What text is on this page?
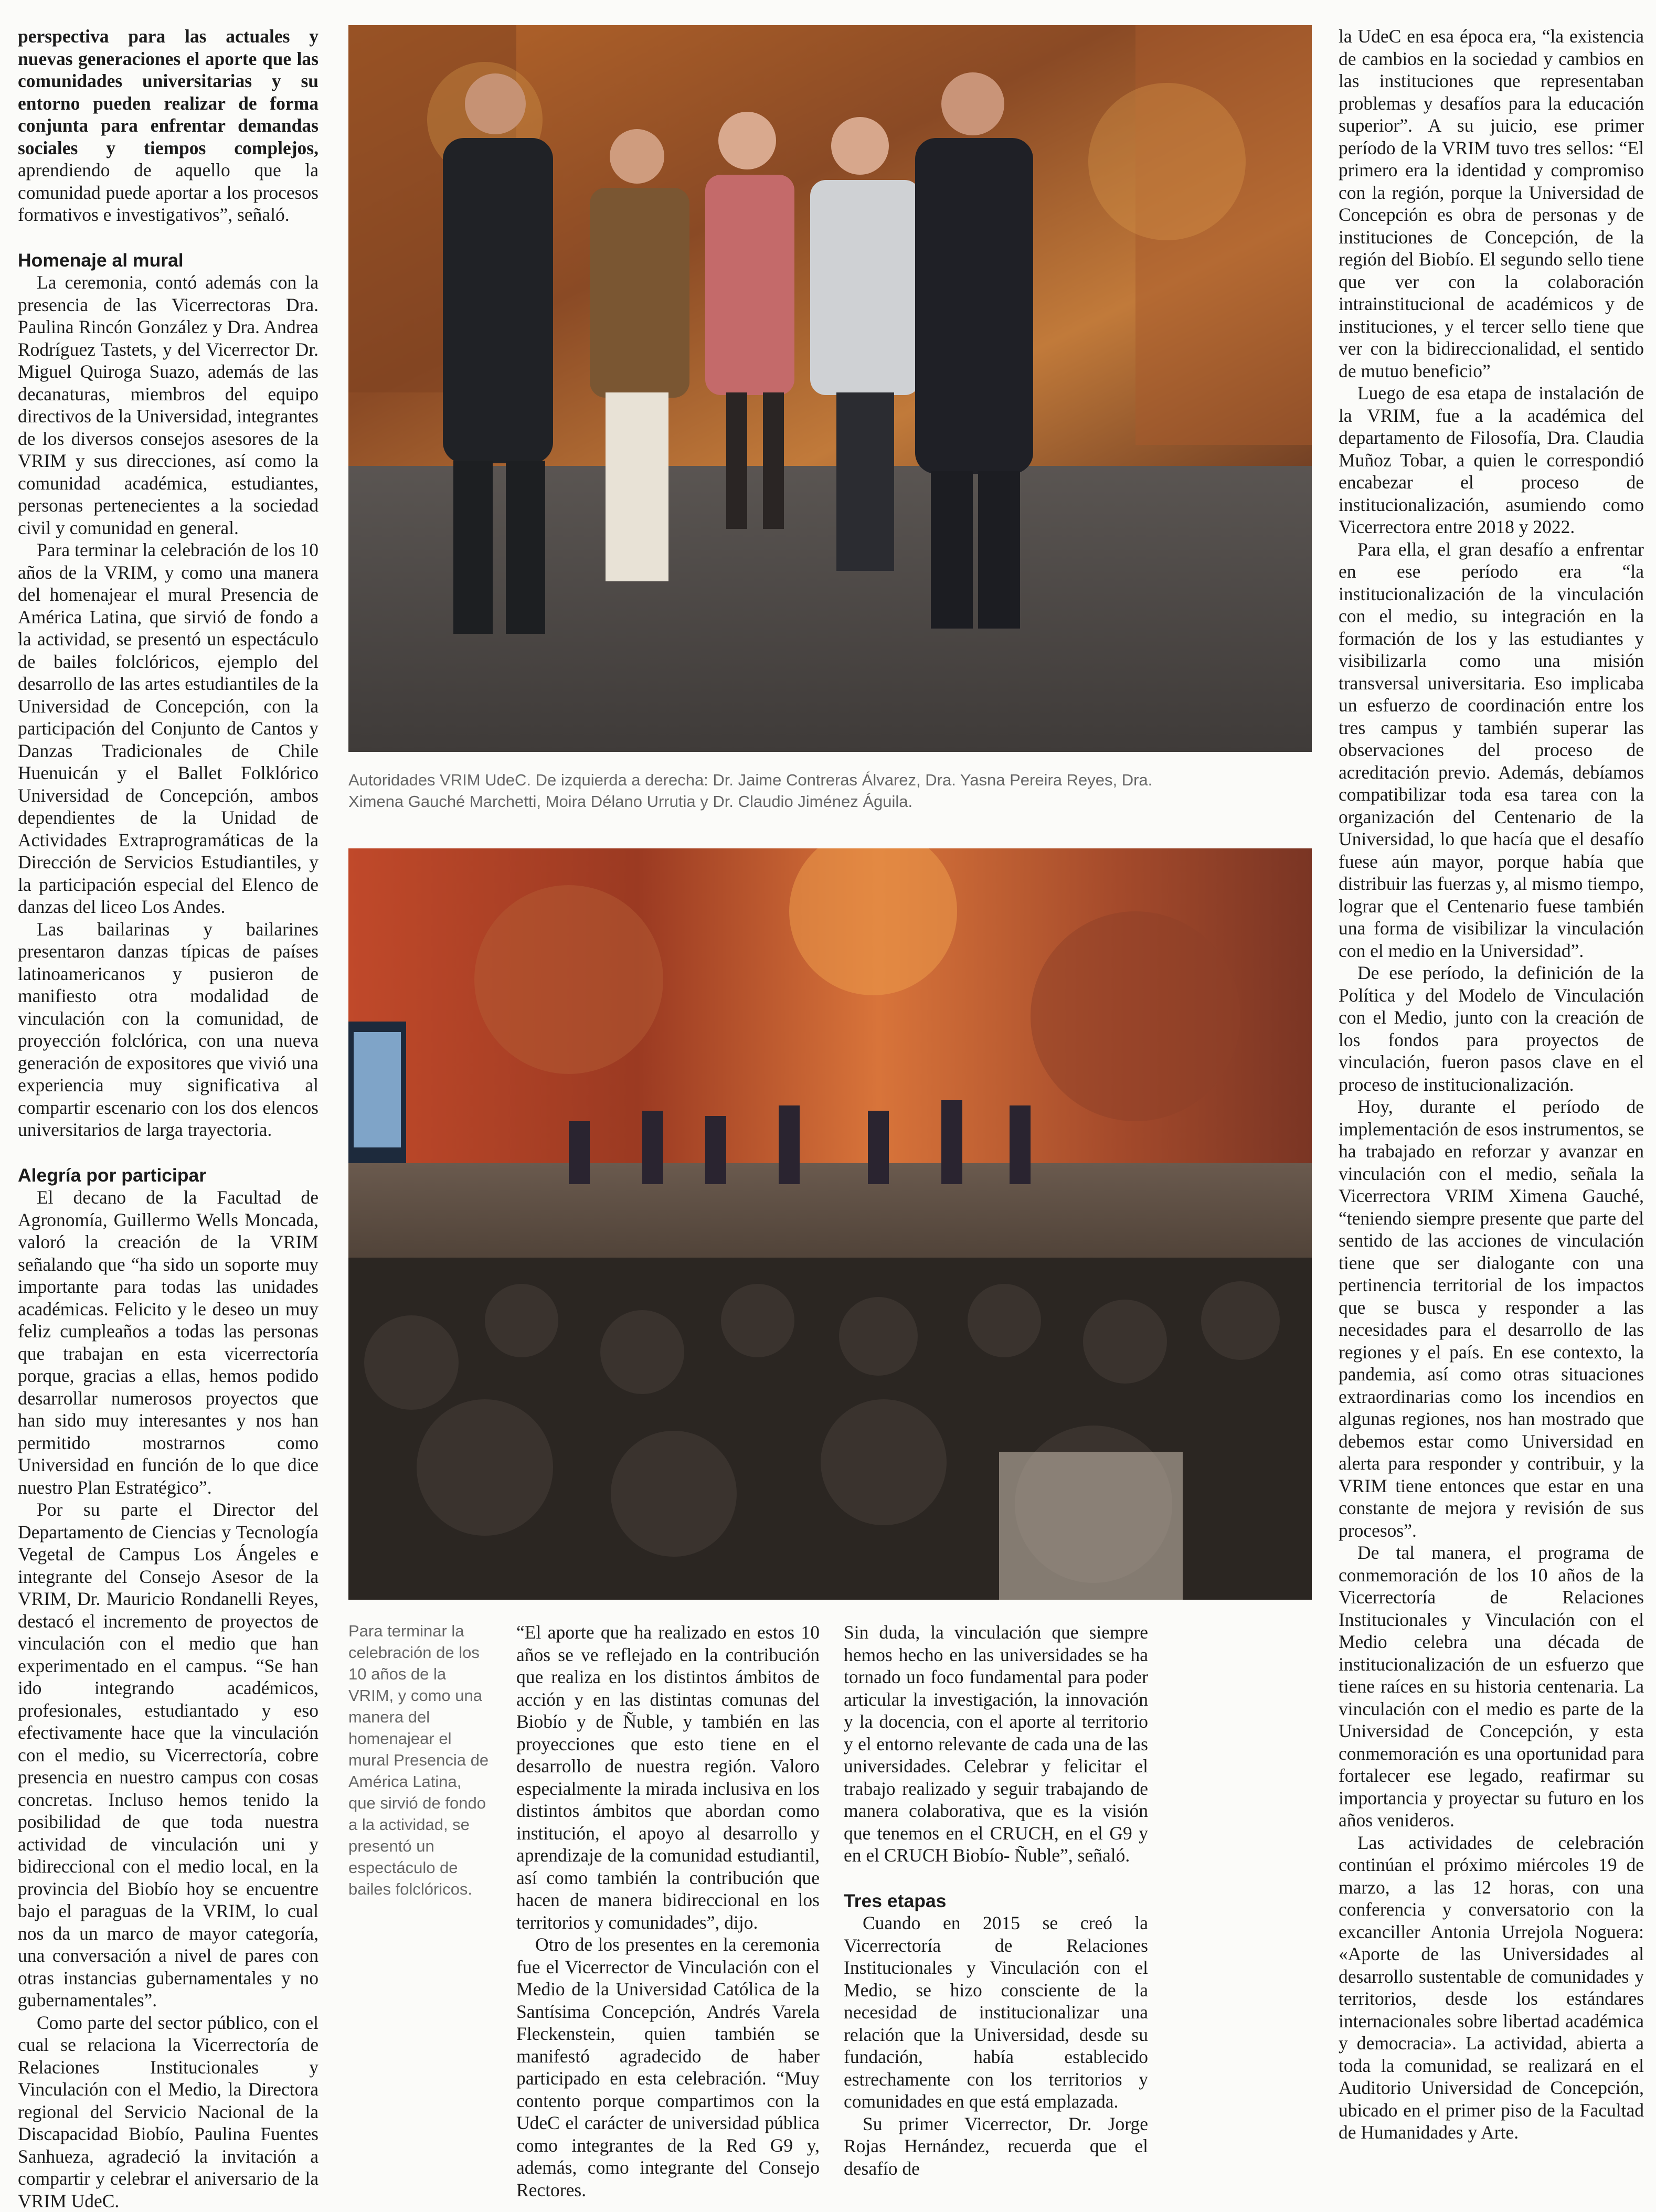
perspectiva para las actuales y nuevas generaciones el aporte que las comunidades universitarias y su entorno pueden realizar de forma conjunta para enfrentar demandas sociales y tiempos complejos, aprendiendo de aquello que la comunidad puede aportar a los procesos formativos e investigativos”, señaló.

Homenaje al mural

La ceremonia, contó además con la presencia de las Vicerrectoras Dra. Paulina Rincón González y Dra. Andrea Rodríguez Tastets, y del Vicerrector Dr. Miguel Quiroga Suazo, además de las decanaturas, miembros del equipo directivos de la Universidad, integrantes de los diversos consejos asesores de la VRIM y sus direcciones, así como la comunidad académica, estudiantes, personas pertenecientes a la sociedad civil y comunidad en general.

Para terminar la celebración de los 10 años de la VRIM, y como una manera del homenajear el mural Presencia de América Latina, que sirvió de fondo a la actividad, se presentó un espectáculo de bailes folclóricos, ejemplo del desarrollo de las artes estudiantiles de la Universidad de Concepción, con la participación del Conjunto de Cantos y Danzas Tradicionales de Chile Huenuicán y el Ballet Folklórico Universidad de Concepción, ambos dependientes de la Unidad de Actividades Extraprogramáticas de la Dirección de Servicios Estudiantiles, y la participación especial del Elenco de danzas del liceo Los Andes.

Las bailarinas y bailarines presentaron danzas típicas de países latinoamericanos y pusieron de manifiesto otra modalidad de vinculación con la comunidad, de proyección folclórica, con una nueva generación de expositores que vivió una experiencia muy significativa al compartir escenario con los dos elencos universitarios de larga trayectoria.

Alegría por participar

El decano de la Facultad de Agronomía, Guillermo Wells Moncada, valoró la creación de la VRIM señalando que “ha sido un soporte muy importante para todas las unidades académicas. Felicito y le deseo un muy feliz cumpleaños a todas las personas que trabajan en esta vicerrectoría porque, gracias a ellas, hemos podido desarrollar numerosos proyectos que han sido muy interesantes y nos han permitido mostrarnos como Universidad en función de lo que dice nuestro Plan Estratégico”.

Por su parte el Director del Departamento de Ciencias y Tecnología Vegetal de Campus Los Ángeles e integrante del Consejo Asesor de la VRIM, Dr. Mauricio Rondanelli Reyes, destacó el incremento de proyectos de vinculación con el medio que han experimentado en el campus. “Se han ido integrando académicos, profesionales, estudiantado y eso efectivamente hace que la vinculación con el medio, su Vicerrectoría, cobre presencia en nuestro campus con cosas concretas. Incluso hemos tenido la posibilidad de que toda nuestra actividad de vinculación uni y bidireccional con el medio local, en la provincia del Biobío hoy se encuentre bajo el paraguas de la VRIM, lo cual nos da un marco de mayor categoría, una conversación a nivel de pares con otras instancias gubernamentales y no gubernamentales”.

Como parte del sector público, con el cual se relaciona la Vicerrectoría de Relaciones Institucionales y Vinculación con el Medio, la Directora regional del Servicio Nacional de la Discapacidad Biobío, Paulina Fuentes Sanhueza, agradeció la invitación a compartir y celebrar el aniversario de la VRIM UdeC.

Autoridades VRIM UdeC. De izquierda a derecha: Dr. Jaime Contreras Álvarez, Dra. Yasna Pereira Reyes, Dra. Ximena Gauché Marchetti, Moira Délano Urrutia y Dr. Claudio Jiménez Águila.
Para terminar la celebración de los 10 años de la VRIM, y como una manera del homenajear el mural Presencia de América Latina, que sirvió de fondo a la actividad, se presentó un espectáculo de bailes folclóricos.

“El aporte que ha realizado en estos 10 años se ve reflejado en la contribución que realiza en los distintos ámbitos de acción y en las distintas comunas del Biobío y de Ñuble, y también en las proyecciones que esto tiene en el desarrollo de nuestra región. Valoro especialmente la mirada inclusiva en los distintos ámbitos que abordan como institución, el apoyo al desarrollo y aprendizaje de la comunidad estudiantil, así como también la contribución que hacen de manera bidireccional en los territorios y comunidades”, dijo.

Otro de los presentes en la ceremonia fue el Vicerrector de Vinculación con el Medio de la Universidad Católica de la Santísima Concepción, Andrés Varela Fleckenstein, quien también se manifestó agradecido de haber participado en esta celebración. “Muy contento porque compartimos con la UdeC el carácter de universidad pública como integrantes de la Red G9 y, además, como integrante del Consejo Rectores.

Sin duda, la vinculación que siempre hemos hecho en las universidades se ha tornado un foco fundamental para poder articular la investigación, la innovación y la docencia, con el aporte al territorio y el entorno relevante de cada una de las universidades. Celebrar y felicitar el trabajo realizado y seguir trabajando de manera colaborativa, que es la visión que tenemos en el CRUCH, en el G9 y en el CRUCH Biobío- Ñuble”, señaló.

Tres etapas

Cuando en 2015 se creó la Vicerrectoría de Relaciones Institucionales y Vinculación con el Medio, se hizo consciente de la necesidad de institucionalizar una relación que la Universidad, desde su fundación, había establecido estrechamente con los territorios y comunidades en que está emplazada.

Su primer Vicerrector, Dr. Jorge Rojas Hernández, recuerda que el desafío de

la UdeC en esa época era, “la existencia de cambios en la sociedad y cambios en las instituciones que representaban problemas y desafíos para la educación superior”. A su juicio, ese primer período de la VRIM tuvo tres sellos: “El primero era la identidad y compromiso con la región, porque la Universidad de Concepción es obra de personas y de instituciones de Concepción, de la región del Biobío. El segundo sello tiene que ver con la colaboración intrainstitucional de académicos y de instituciones, y el tercer sello tiene que ver con la bidireccionalidad, el sentido de mutuo beneficio”

Luego de esa etapa de instalación de la VRIM, fue a la académica del departamento de Filosofía, Dra. Claudia Muñoz Tobar, a quien le correspondió encabezar el proceso de institucionalización, asumiendo como Vicerrectora entre 2018 y 2022.

Para ella, el gran desafío a enfrentar en ese período era “la institucionalización de la vinculación con el medio, su integración en la formación de los y las estudiantes y visibilizarla como una misión transversal universitaria. Eso implicaba un esfuerzo de coordinación entre los tres campus y también superar las observaciones del proceso de acreditación previo. Además, debíamos compatibilizar toda esa tarea con la organización del Centenario de la Universidad, lo que hacía que el desafío fuese aún mayor, porque había que distribuir las fuerzas y, al mismo tiempo, lograr que el Centenario fuese también una forma de visibilizar la vinculación con el medio en la Universidad”.

De ese período, la definición de la Política y del Modelo de Vinculación con el Medio, junto con la creación de los fondos para proyectos de vinculación, fueron pasos clave en el proceso de institucionalización.

Hoy, durante el período de implementación de esos instrumentos, se ha trabajado en reforzar y avanzar en vinculación con el medio, señala la Vicerrectora VRIM Ximena Gauché, “teniendo siempre presente que parte del sentido de las acciones de vinculación tiene que ser dialogante con una pertinencia territorial de los impactos que se busca y responder a las necesidades para el desarrollo de las regiones y el país. En ese contexto, la pandemia, así como otras situaciones extraordinarias como los incendios en algunas regiones, nos han mostrado que debemos estar como Universidad en alerta para responder y contribuir, y la VRIM tiene entonces que estar en una constante de mejora y revisión de sus procesos”.

De tal manera, el programa de conmemoración de los 10 años de la Vicerrectoría de Relaciones Institucionales y Vinculación con el Medio celebra una década de institucionalización de un esfuerzo que tiene raíces en su historia centenaria. La vinculación con el medio es parte de la Universidad de Concepción, y esta conmemoración es una oportunidad para fortalecer ese legado, reafirmar su importancia y proyectar su futuro en los años venideros.

Las actividades de celebración continúan el próximo miércoles 19 de marzo, a las 12 horas, con una conferencia y conversatorio con la excanciller Antonia Urrejola Noguera: «Aporte de las Universidades al desarrollo sustentable de comunidades y territorios, desde los estándares internacionales sobre libertad académica y democracia». La actividad, abierta a toda la comunidad, se realizará en el Auditorio Universidad de Concepción, ubicado en el primer piso de la Facultad de Humanidades y Arte.
